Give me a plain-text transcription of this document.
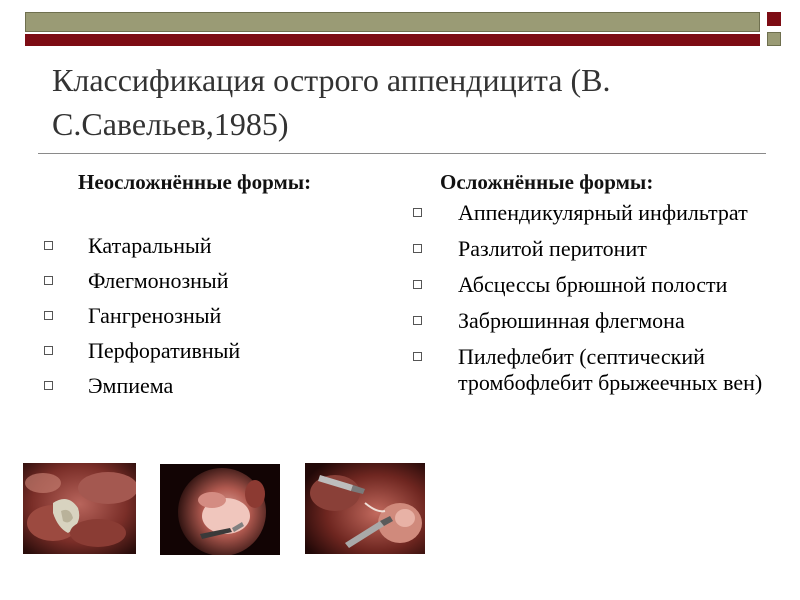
Классификация острого аппендицита (В. С.Савельев,1985)
Неосложнённые формы:
Катаральный
Флегмонозный
Гангренозный
Перфоративный
Эмпиема
Осложнённые формы:
Аппендикулярный инфильтрат
Разлитой перитонит
Абсцессы брюшной полости
Забрюшинная флегмона
Пилефлебит (септический тромбофлебит брыжеечных вен)
